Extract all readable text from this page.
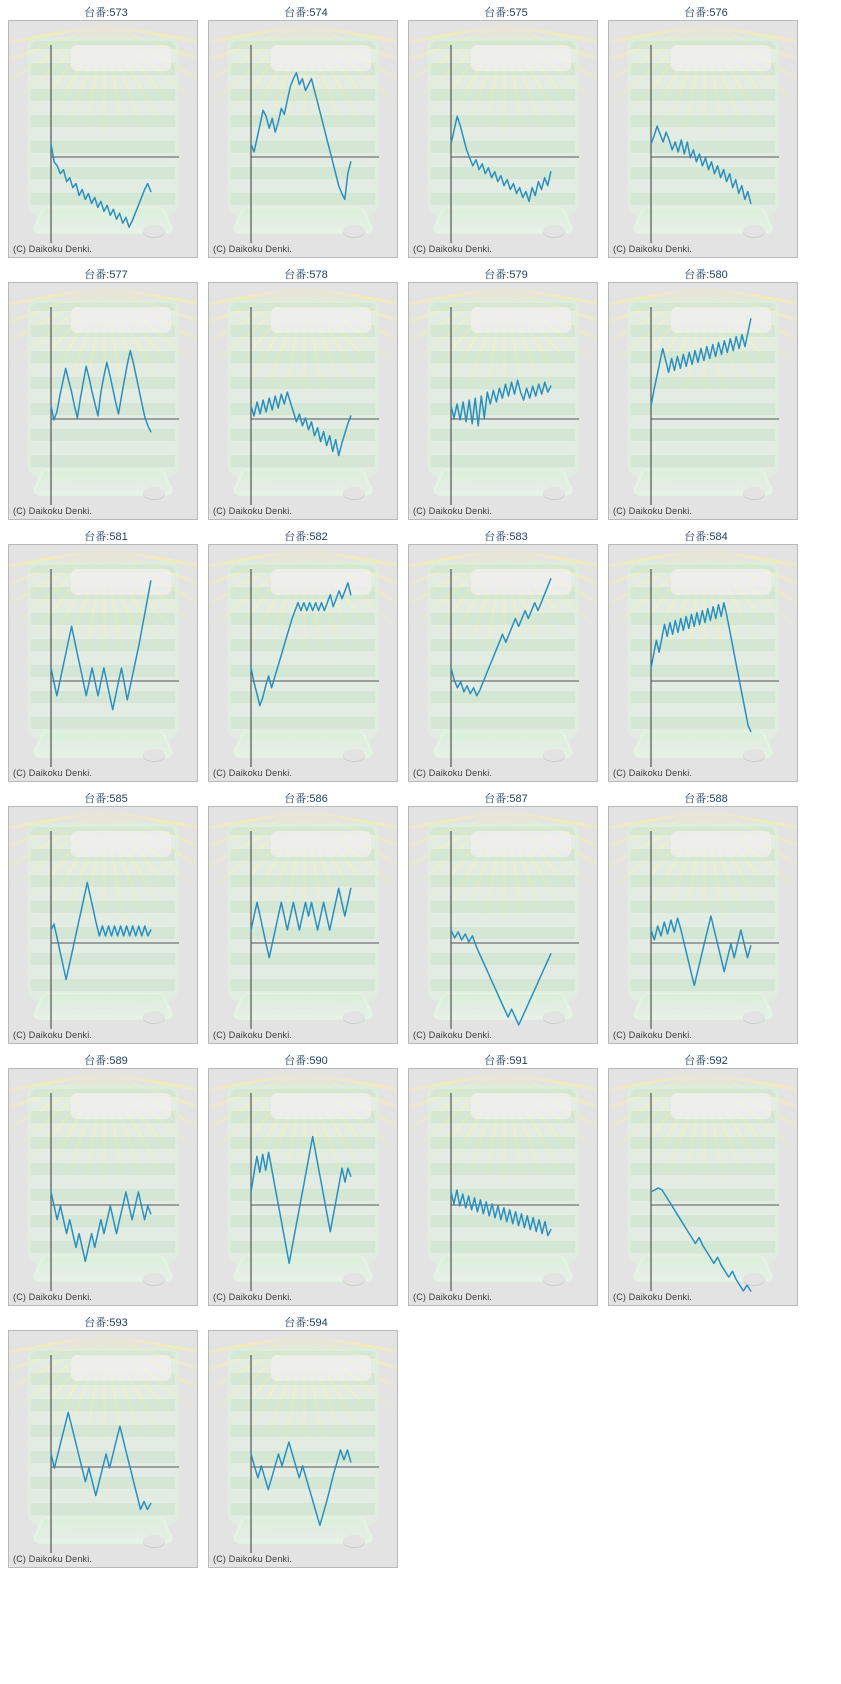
台番:573
(C) Daikoku Denki.
台番:574
(C) Daikoku Denki.
台番:575
(C) Daikoku Denki.
台番:576
(C) Daikoku Denki.
台番:577
(C) Daikoku Denki.
台番:578
(C) Daikoku Denki.
台番:579
(C) Daikoku Denki.
台番:580
(C) Daikoku Denki.
台番:581
(C) Daikoku Denki.
台番:582
(C) Daikoku Denki.
台番:583
(C) Daikoku Denki.
台番:584
(C) Daikoku Denki.
台番:585
(C) Daikoku Denki.
台番:586
(C) Daikoku Denki.
台番:587
(C) Daikoku Denki.
台番:588
(C) Daikoku Denki.
台番:589
(C) Daikoku Denki.
台番:590
(C) Daikoku Denki.
台番:591
(C) Daikoku Denki.
台番:592
(C) Daikoku Denki.
台番:593
(C) Daikoku Denki.
台番:594
(C) Daikoku Denki.
